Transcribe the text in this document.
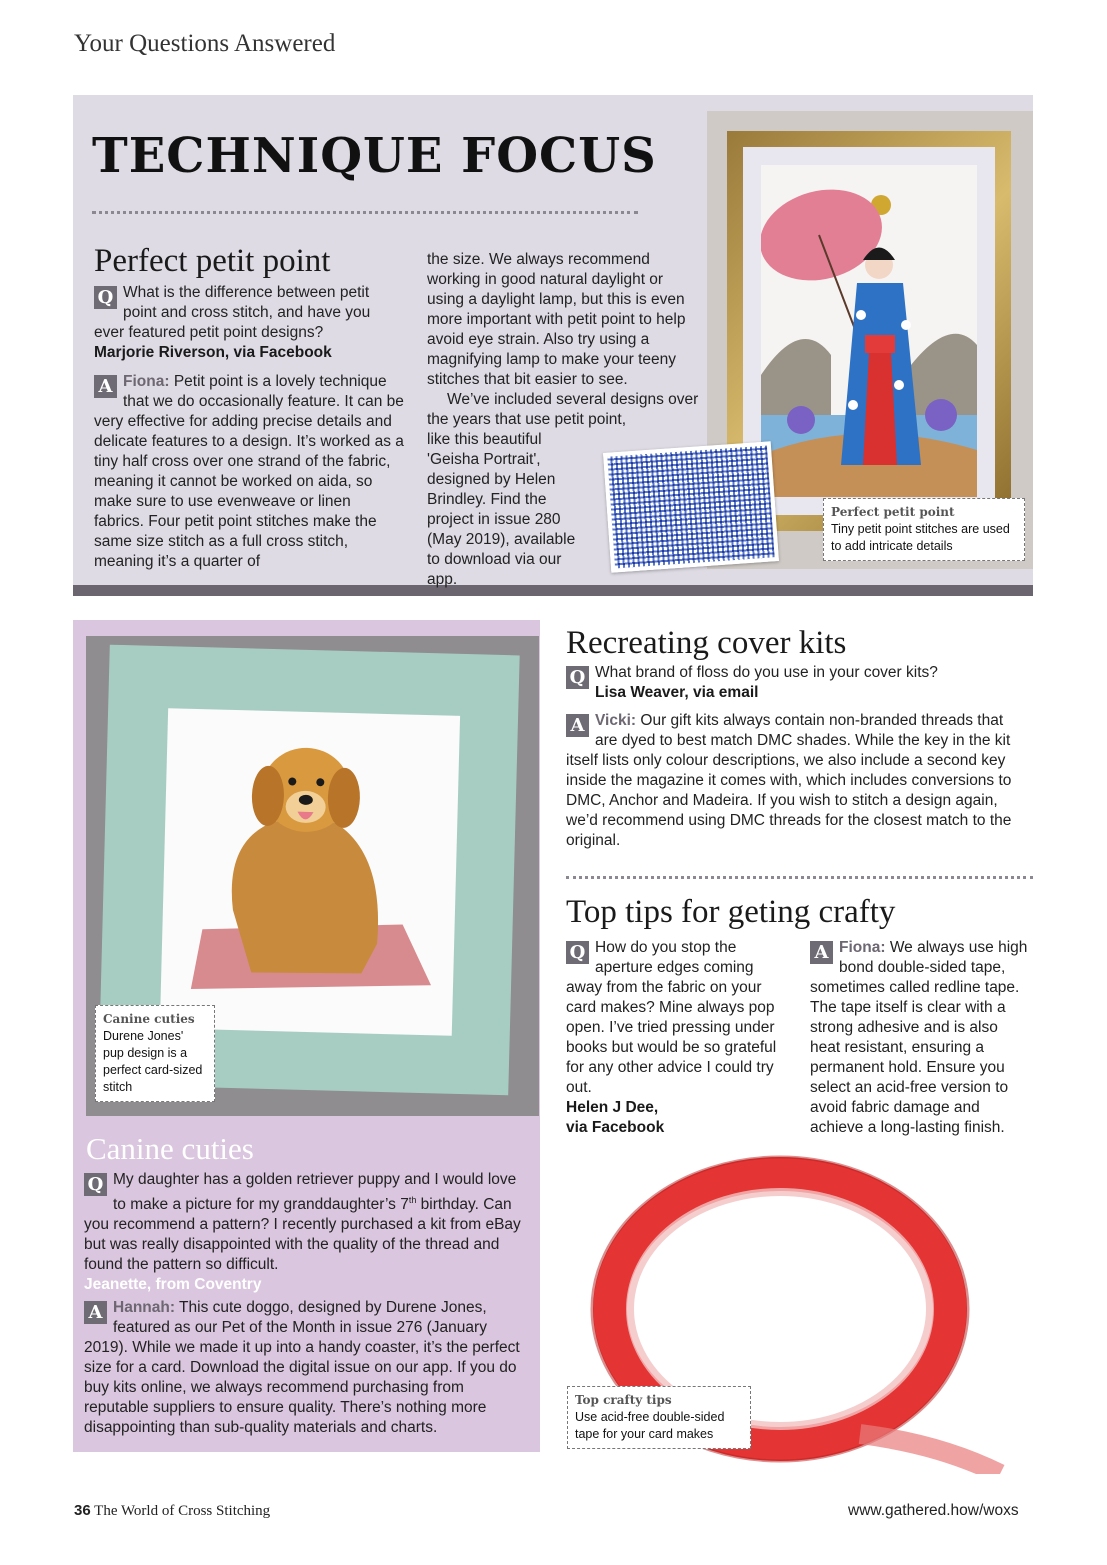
Your Questions Answered
TECHNIQUE FOCUS
Perfect petit point
Q What is the difference between petit point and cross stitch, and have you ever featured petit point designs?

Marjorie Riverson, via Facebook

A Fiona: Petit point is a lovely technique that we do occasionally feature. It can be very effective for adding precise details and delicate features to a design. It’s worked as a tiny half cross over one strand of the fabric, meaning it cannot be worked on aida, so make sure to use evenweave or linen fabrics. Four petit point stitches make the same size stitch as a full cross stitch, meaning it’s a quarter of

the size. We always recommend working in good natural daylight or using a daylight lamp, but this is even more important with petit point to help avoid eye strain. Also try using a magnifying lamp to make your teeny stitches that bit easier to see.

We’ve included several designs over the years that use petit point,

like this beautiful 'Geisha Portrait', designed by Helen Brindley. Find the project in issue 280 (May 2019), available to download via our app.

Perfect petit point
Tiny petit point stitches are used to add intricate details
Canine cuties
Durene Jones' pup design is a perfect card-sized stitch
Canine cuties
Q My daughter has a golden retriever puppy and I would love to make a picture for my granddaughter’s 7th birthday. Can you recommend a pattern? I recently purchased a kit from eBay but was really disappointed with the quality of the thread and found the pattern so difficult.

Jeanette, from Coventry

A Hannah: This cute doggo, designed by Durene Jones, featured as our Pet of the Month in issue 276 (January 2019). While we made it up into a handy coaster, it’s the perfect size for a card. Download the digital issue on our app. If you do buy kits online, we always recommend purchasing from reputable suppliers to ensure quality. There’s nothing more disappointing than sub-quality materials and charts.

Recreating cover kits
Q What brand of floss do you use in your cover kits?

Lisa Weaver, via email

A Vicki: Our gift kits always contain non-branded threads that are dyed to best match DMC shades. While the key in the kit itself lists only colour descriptions, we also include a second key inside the magazine it comes with, which includes conversions to DMC, Anchor and Madeira. If you wish to stitch a design again, we’d recommend using DMC threads for the closest match to the original.

Top tips for geting crafty
Q How do you stop the aperture edges coming away from the fabric on your card makes? Mine always pop open. I’ve tried pressing under books but would be so grateful for any other advice I could try out.

Helen J Dee,

via Facebook

A Fiona: We always use high bond double-sided tape, sometimes called redline tape. The tape itself is clear with a strong adhesive and is also heat resistant, ensuring a permanent hold. Ensure you select an acid-free version to avoid fabric damage and achieve a long-lasting finish.

Top crafty tips
Use acid-free double-sided tape for your card makes
36 The World of Cross Stitching	www.gathered.how/woxs
